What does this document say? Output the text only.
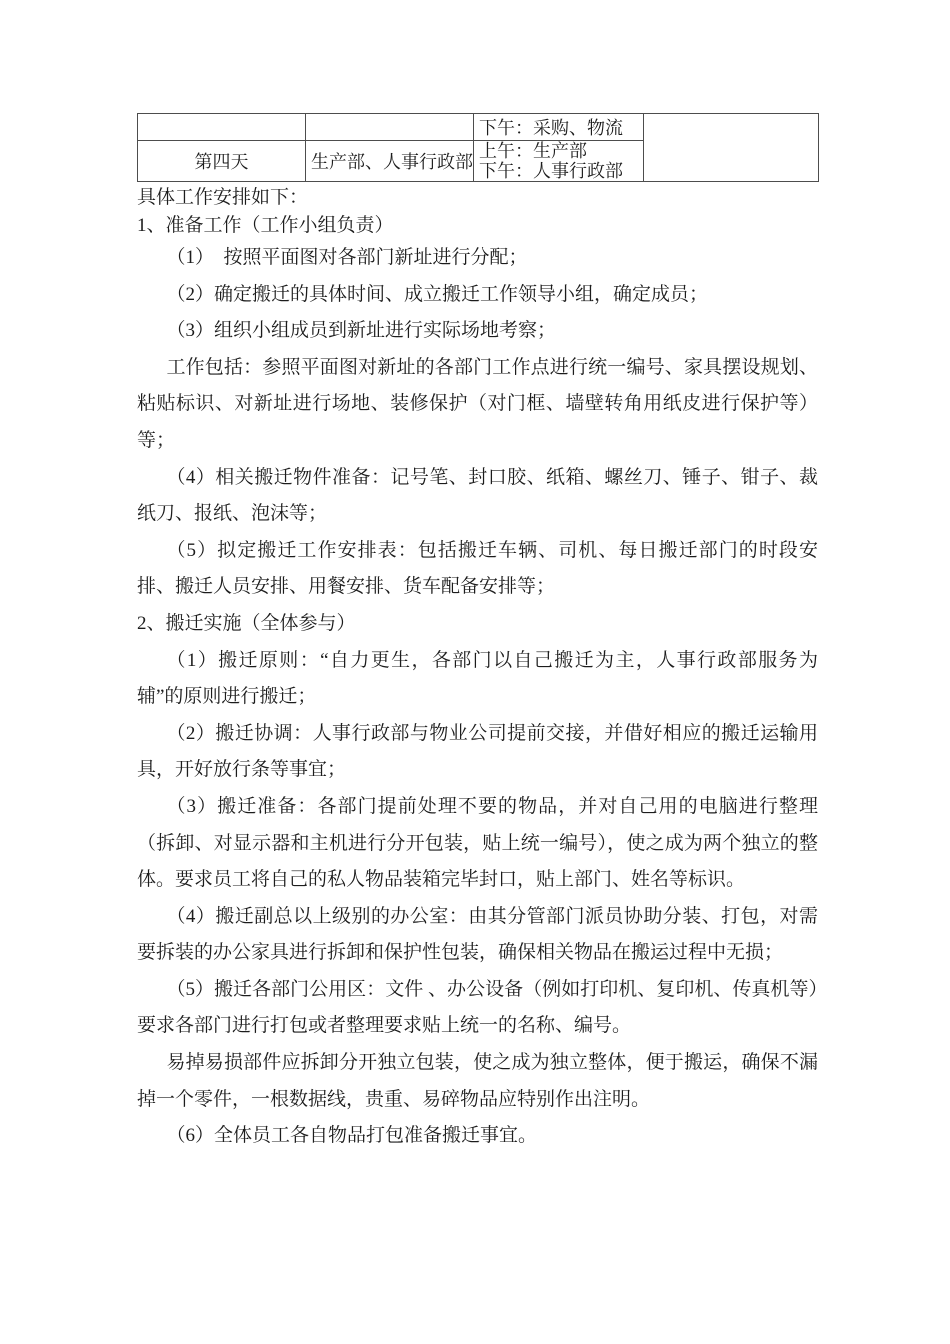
		下午：采购、物流	
第四天	生产部、人事行政部	上午：生产部
下午：人事行政部	

具体工作安排如下：

1、准备工作（工作小组负责）

（1）　按照平面图对各部门新址进行分配；

（2）确定搬迁的具体时间、成立搬迁工作领导小组，确定成员；

（3）组织小组成员到新址进行实际场地考察；

工作包括：参照平面图对新址的各部门工作点进行统一编号、家具摆设规划、粘贴标识、对新址进行场地、装修保护（对门框、墙壁转角用纸皮进行保护等）等；

（4）相关搬迁物件准备：记号笔、封口胶、纸箱、螺丝刀、锤子、钳子、裁纸刀、报纸、泡沫等；

（5）拟定搬迁工作安排表：包括搬迁车辆、司机、每日搬迁部门的时段安排、搬迁人员安排、用餐安排、货车配备安排等；

2、搬迁实施（全体参与）

（1）搬迁原则：“自力更生，各部门以自己搬迁为主，人事行政部服务为辅”的原则进行搬迁；

（2）搬迁协调：人事行政部与物业公司提前交接，并借好相应的搬迁运输用具，开好放行条等事宜；

（3）搬迁准备：各部门提前处理不要的物品，并对自己用的电脑进行整理（拆卸、对显示器和主机进行分开包装，贴上统一编号），使之成为两个独立的整体。要求员工将自己的私人物品装箱完毕封口，贴上部门、姓名等标识。

（4）搬迁副总以上级别的办公室：由其分管部门派员协助分装、打包，对需要拆装的办公家具进行拆卸和保护性包装，确保相关物品在搬运过程中无损；

（5）搬迁各部门公用区：文件 、办公设备（例如打印机、复印机、传真机等）要求各部门进行打包或者整理要求贴上统一的名称、编号。

易掉易损部件应拆卸分开独立包装，使之成为独立整体，便于搬运，确保不漏掉一个零件，一根数据线，贵重、易碎物品应特别作出注明。

（6）全体员工各自物品打包准备搬迁事宜。
